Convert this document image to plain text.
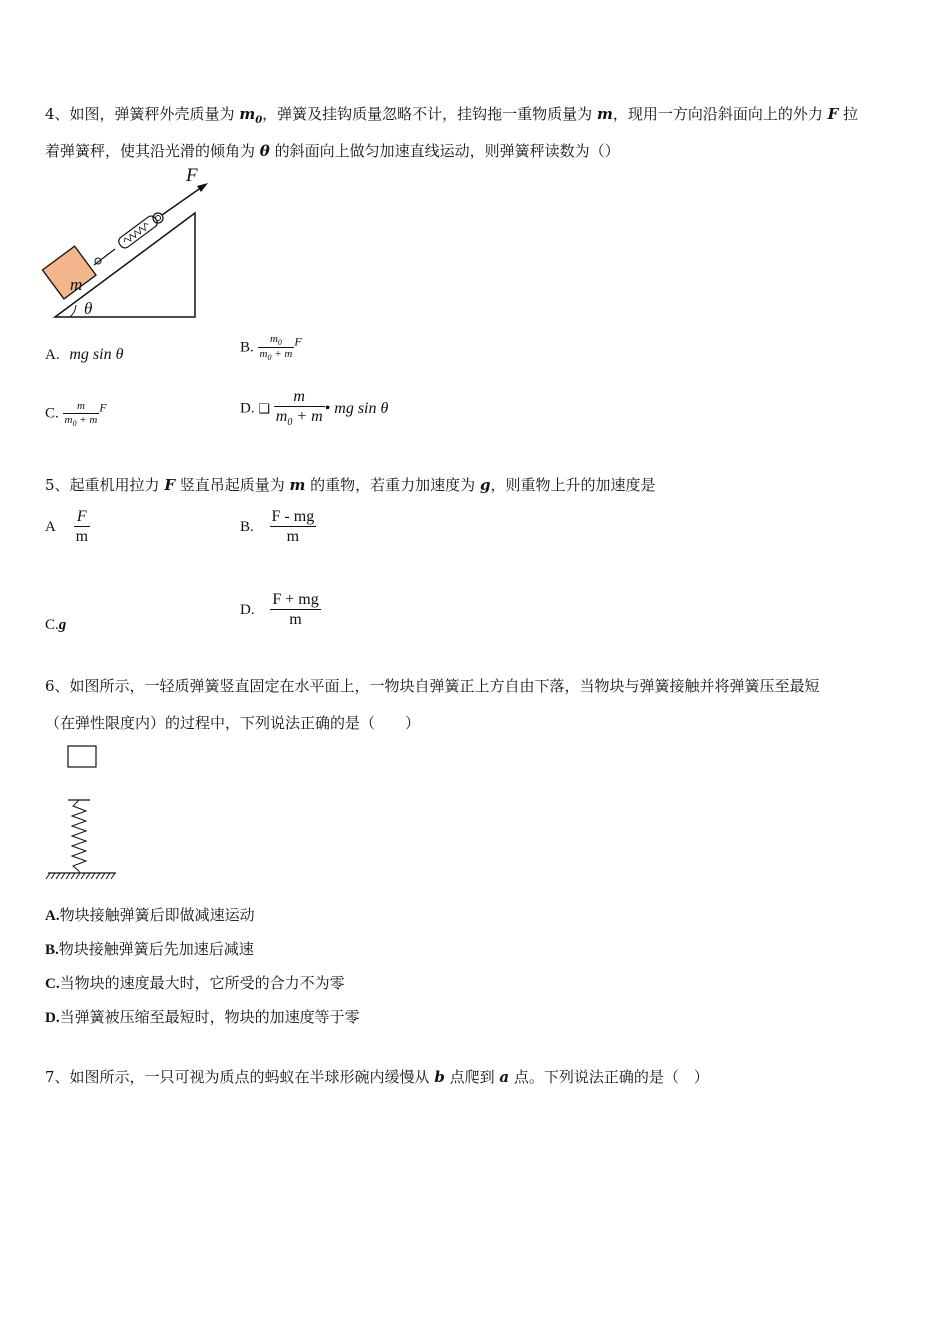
4、如图，弹簧秤外壳质量为 $m_0$，弹簧及挂钩质量忽略不计，挂钩拖一重物质量为 m，现用一方向沿斜面向上的外力 F 拉
着弹簧秤，使其沿光滑的倾角为 θ 的斜面向上做匀加速直线运动，则弹簧秤读数为（）
m
θ
F
A. mg sin θ	B. $\frac{m_0}{m_0 + m} ^F$
C. $\frac{m}{m_0 + m} ^F$	D. ❑ $\frac{m}{m_0 + m}$ • mg sin θ
5、起重机用拉力 F 竖直吊起质量为 m 的重物，若重力加速度为 g，则重物上升的加速度是
A $\frac{F}{m}$	B. $\frac{F - mg}{m}$
C.g
D. $\frac{F + mg}{m}$
6、如图所示，一轻质弹簧竖直固定在水平面上，一物块自弹簧正上方自由下落，当物块与弹簧接触并将弹簧压至最短
（在弹性限度内）的过程中，下列说法正确的是（　　）
A.物块接触弹簧后即做减速运动
B.物块接触弹簧后先加速后减速
C.当物块的速度最大时，它所受的合力不为零
D.当弹簧被压缩至最短时，物块的加速度等于零
7、如图所示，一只可视为质点的蚂蚁在半球形碗内缓慢从 b 点爬到 a 点。下列说法正确的是（　）
